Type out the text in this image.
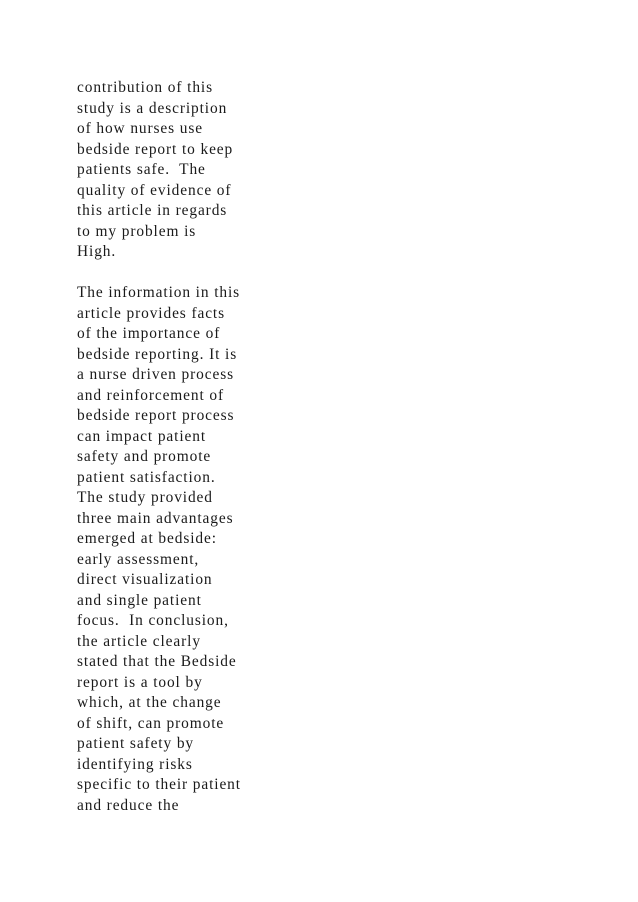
contribution of this
study is a description
of how nurses use
bedside report to keep
patients safe.  The
quality of evidence of
this article in regards
to my problem is
High.
The information in this
article provides facts
of the importance of
bedside reporting. It is
a nurse driven process
and reinforcement of
bedside report process
can impact patient
safety and promote
patient satisfaction.
The study provided
three main advantages
emerged at bedside:
early assessment,
direct visualization
and single patient
focus.  In conclusion,
the article clearly
stated that the Bedside
report is a tool by
which, at the change
of shift, can promote
patient safety by
identifying risks
specific to their patient
and reduce the
